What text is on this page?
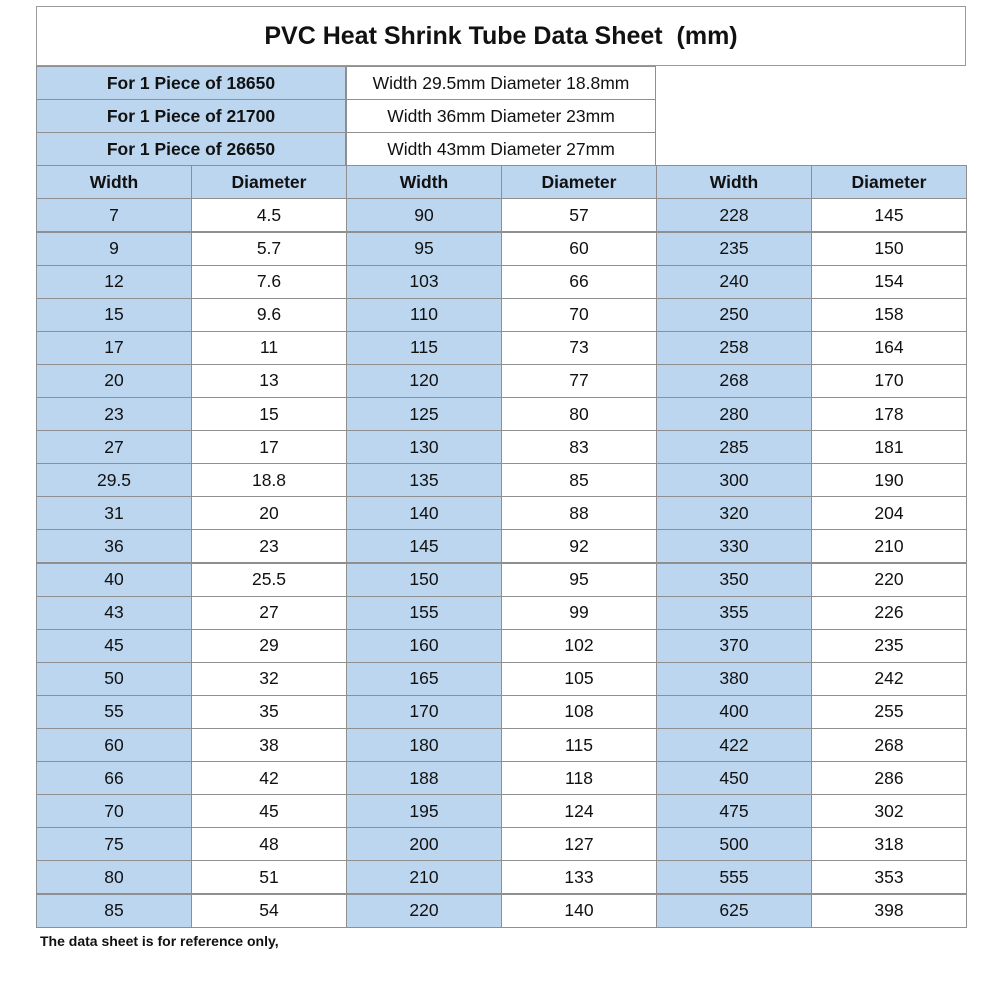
PVC Heat Shrink Tube Data Sheet  (mm)
For 1 Piece of 18650	Width 29.5mm Diameter 18.8mm
For 1 Piece of 21700	Width 36mm Diameter 23mm
For 1 Piece of 26650	Width 43mm Diameter 27mm
Width	Diameter	Width	Diameter	Width	Diameter
7	4.5	90	57	228	145
9	5.7	95	60	235	150
12	7.6	103	66	240	154
15	9.6	110	70	250	158
17	11	115	73	258	164
20	13	120	77	268	170
23	15	125	80	280	178
27	17	130	83	285	181
29.5	18.8	135	85	300	190
31	20	140	88	320	204
36	23	145	92	330	210
40	25.5	150	95	350	220
43	27	155	99	355	226
45	29	160	102	370	235
50	32	165	105	380	242
55	35	170	108	400	255
60	38	180	115	422	268
66	42	188	118	450	286
70	45	195	124	475	302
75	48	200	127	500	318
80	51	210	133	555	353
85	54	220	140	625	398
The data sheet is for reference only,
